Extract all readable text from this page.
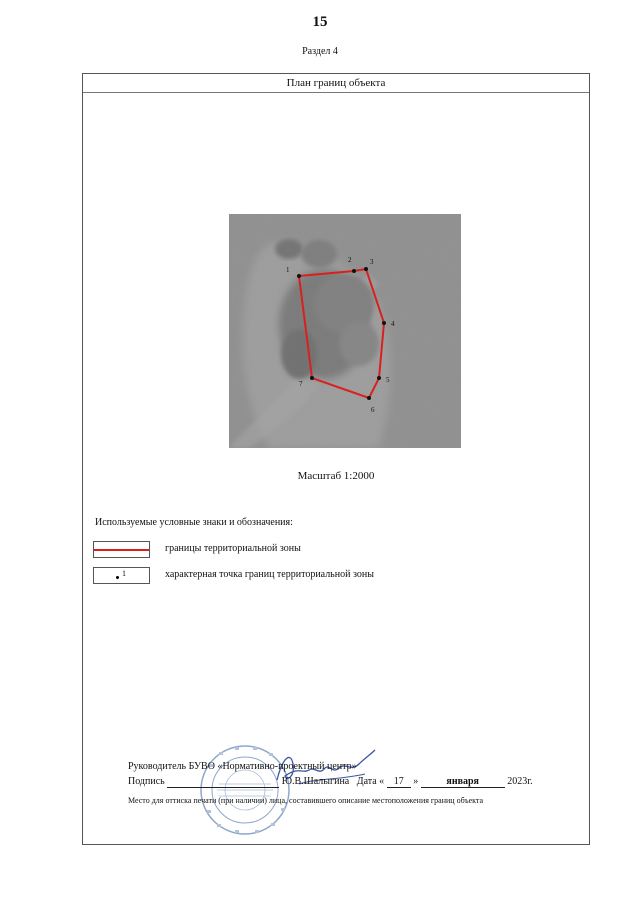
15
Раздел 4
План границ объекта
1
2	3
4
5
6
7
Масштаб 1:2000
Используемые условные знаки и обозначения:
границы территориальной зоны
1	характерная точка границ территориальной зоны
Руководитель БУВО «Нормативно-проектный центр»
Подпись	Ю.В.Шалыгина Дата « 17 »	января	2023г.
Место для оттиска печати (при наличии) лица, составившего описание местоположения границ объекта
